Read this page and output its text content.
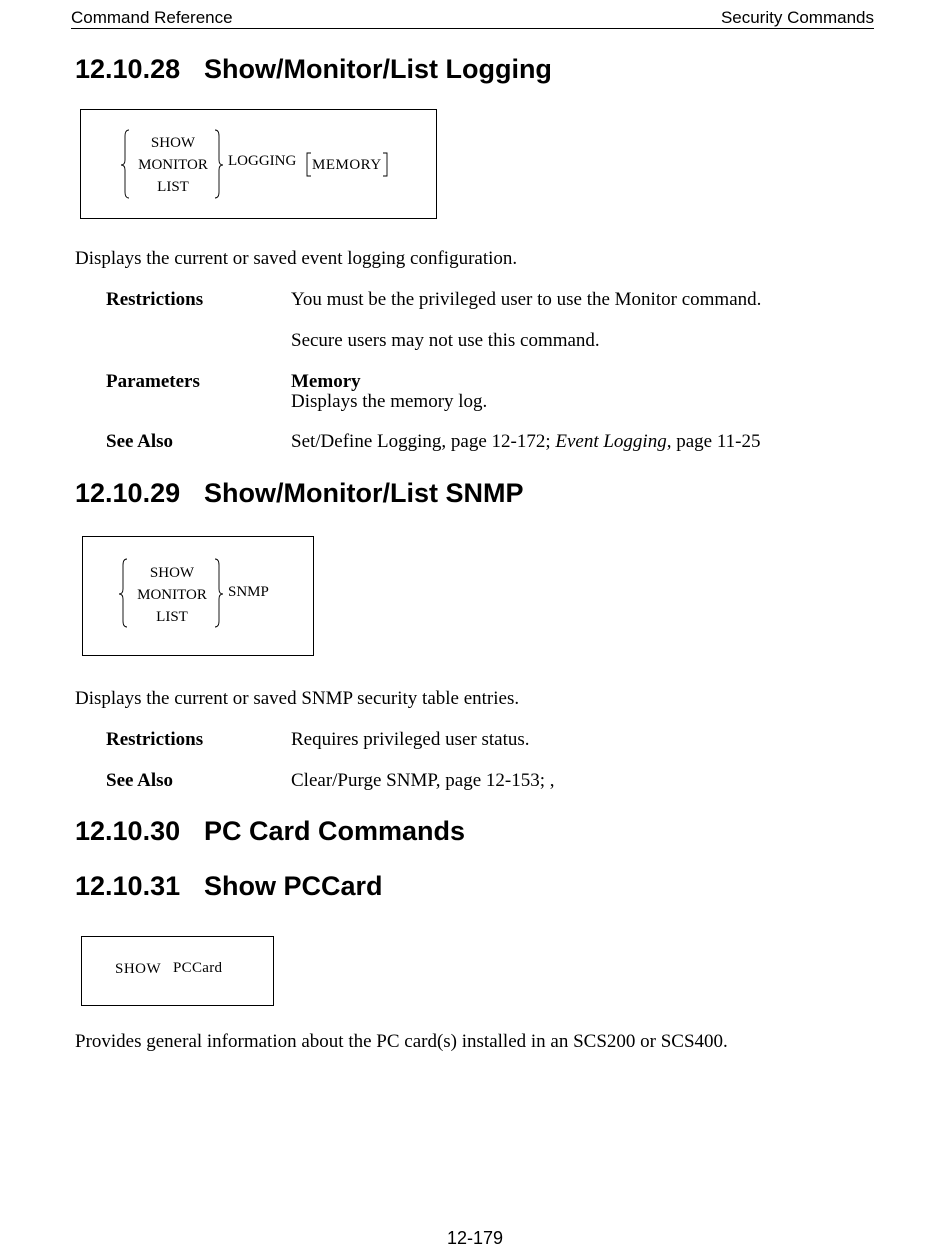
Command Reference	Security Commands
12.10.28 Show/Monitor/List Logging
SHOW
MONITOR
LIST
LOGGING MEMORY
Displays the current or saved event logging configuration.
Restrictions	You must be the privileged user to use the Monitor command.
Secure users may not use this command.
Parameters	Memory
Displays the memory log.
See Also	Set/Define Logging, page 12-172; Event Logging, page 11-25
12.10.29 Show/Monitor/List SNMP
SHOW
MONITOR
LIST
SNMP
Displays the current or saved SNMP security table entries.
Restrictions	Requires privileged user status.
See Also	Clear/Purge SNMP, page 12-153; ,
12.10.30 PC Card Commands
12.10.31 Show PCCard
SHOW PCCard
Provides general information about the PC card(s) installed in an SCS200 or SCS400.
12-179
